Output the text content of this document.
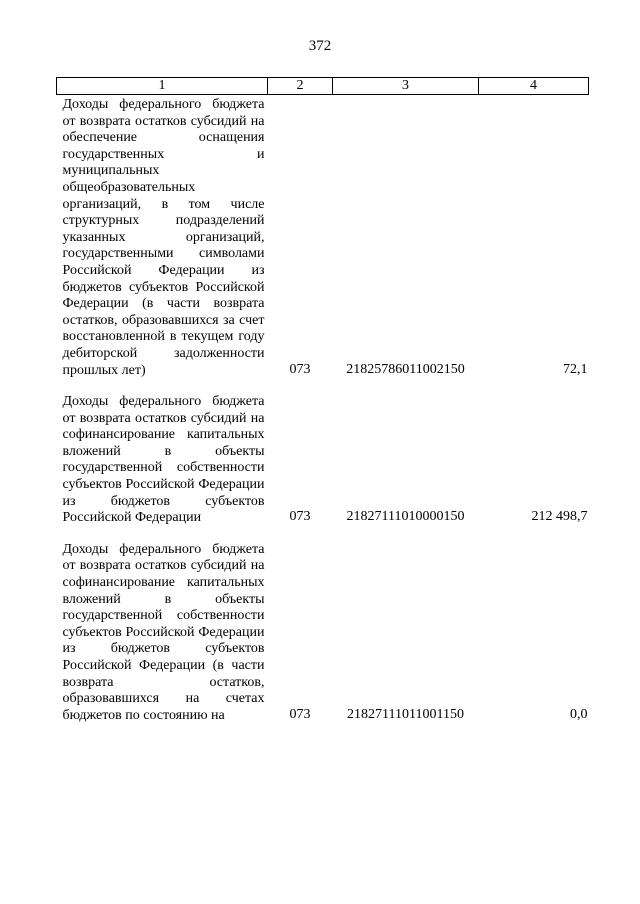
372
1	2	3	4
Доходы федерального бюджета от возврата остатков субсидий на обеспечение оснащения государственных и муниципальных общеобразовательных организаций, в том числе структурных подразделений указанных организаций, государственными символами Российской Федерации из бюджетов субъектов Российской Федерации (в части возврата остатков, образовавшихся за счет восстановленной в текущем году дебиторской задолженности прошлых лет)	073	21825786011002150	72,1

Доходы федерального бюджета от возврата остатков субсидий на софинансирование капитальных вложений в объекты государственной собственности субъектов Российской Федерации из бюджетов субъектов Российской Федерации	073	21827111010000150	212 498,7

Доходы федерального бюджета от возврата остатков субсидий на софинансирование капитальных вложений в объекты государственной собственности субъектов Российской Федерации из бюджетов субъектов Российской Федерации (в части возврата остатков, образовавшихся на счетах бюджетов по состоянию на	073	21827111011001150	0,0
